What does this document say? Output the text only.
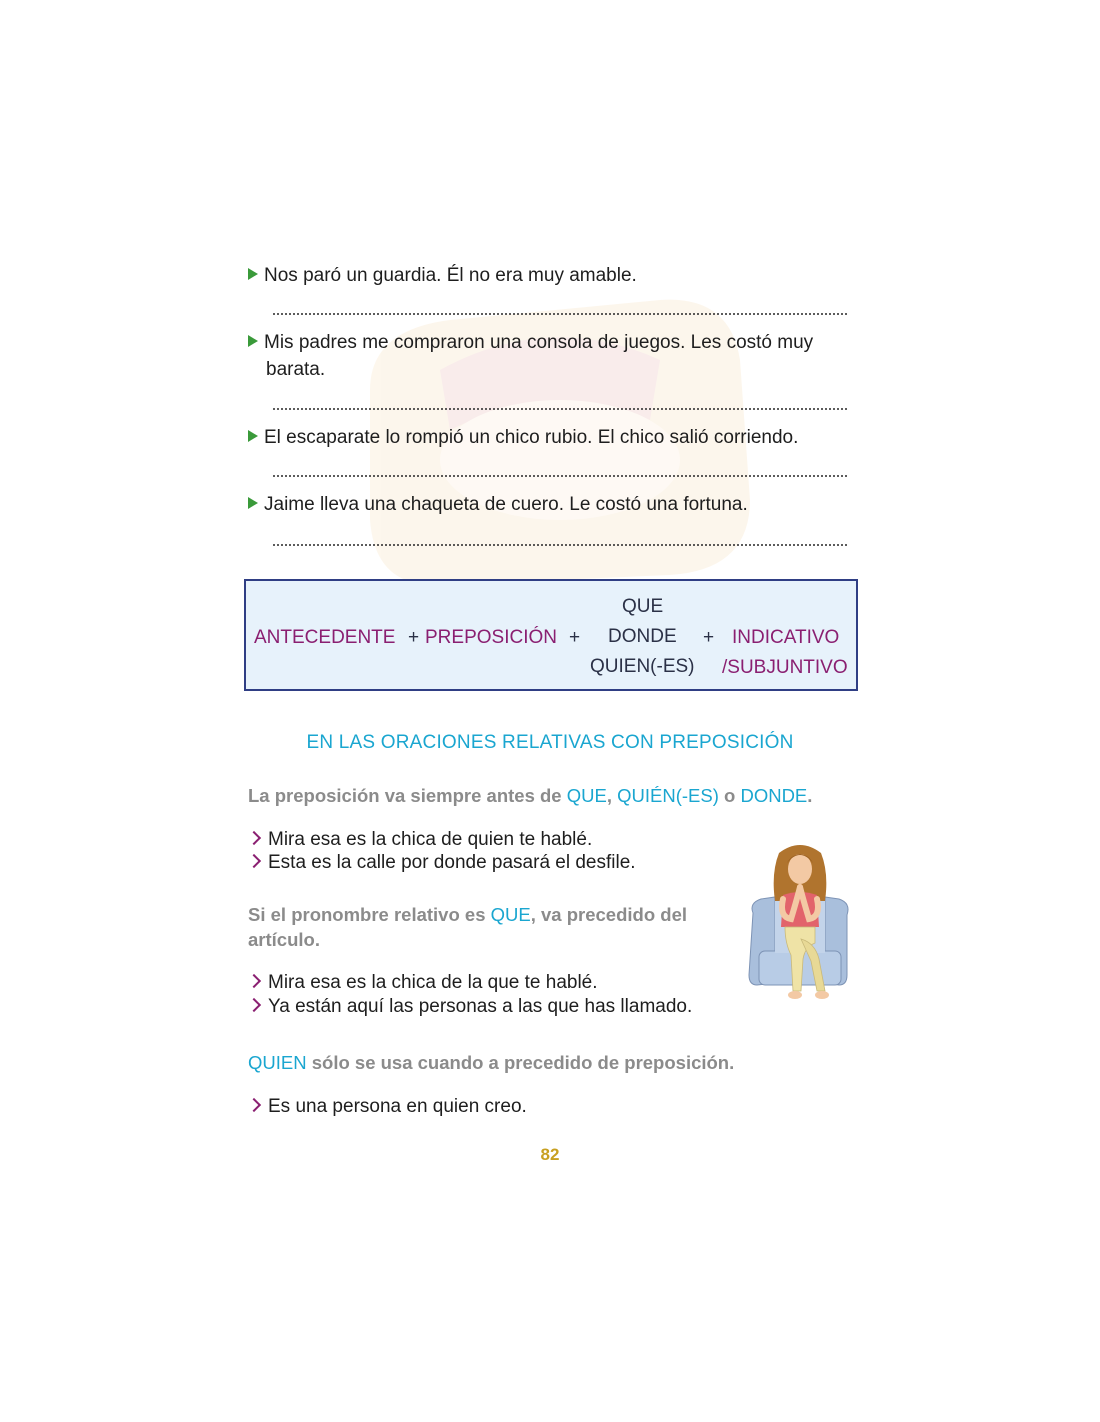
Nos paró un guardia. Él no era muy amable.
Mis padres me compraron una consola de juegos. Les costó muy
barata.
El escaparate lo rompió un chico rubio. El chico salió corriendo.
Jaime lleva una chaqueta de cuero. Le costó una fortuna.
ANTECEDENTE + PREPOSICIÓN +
QUE
DONDE
QUIEN(-ES)
+ INDICATIVO
/SUBJUNTIVO
EN LAS ORACIONES RELATIVAS CON PREPOSICIÓN
La preposición va siempre antes de QUE, QUIÉN(-ES) o DONDE.
Mira esa es la chica de quien te hablé.
Esta es la calle por donde pasará el desfile.
Si el pronombre relativo es QUE, va precedido del
artículo.
Mira esa es la chica de la que te hablé.
Ya están aquí las personas a las que has llamado.
QUIEN sólo se usa cuando a precedido de preposición.
Es una persona en quien creo.
82
